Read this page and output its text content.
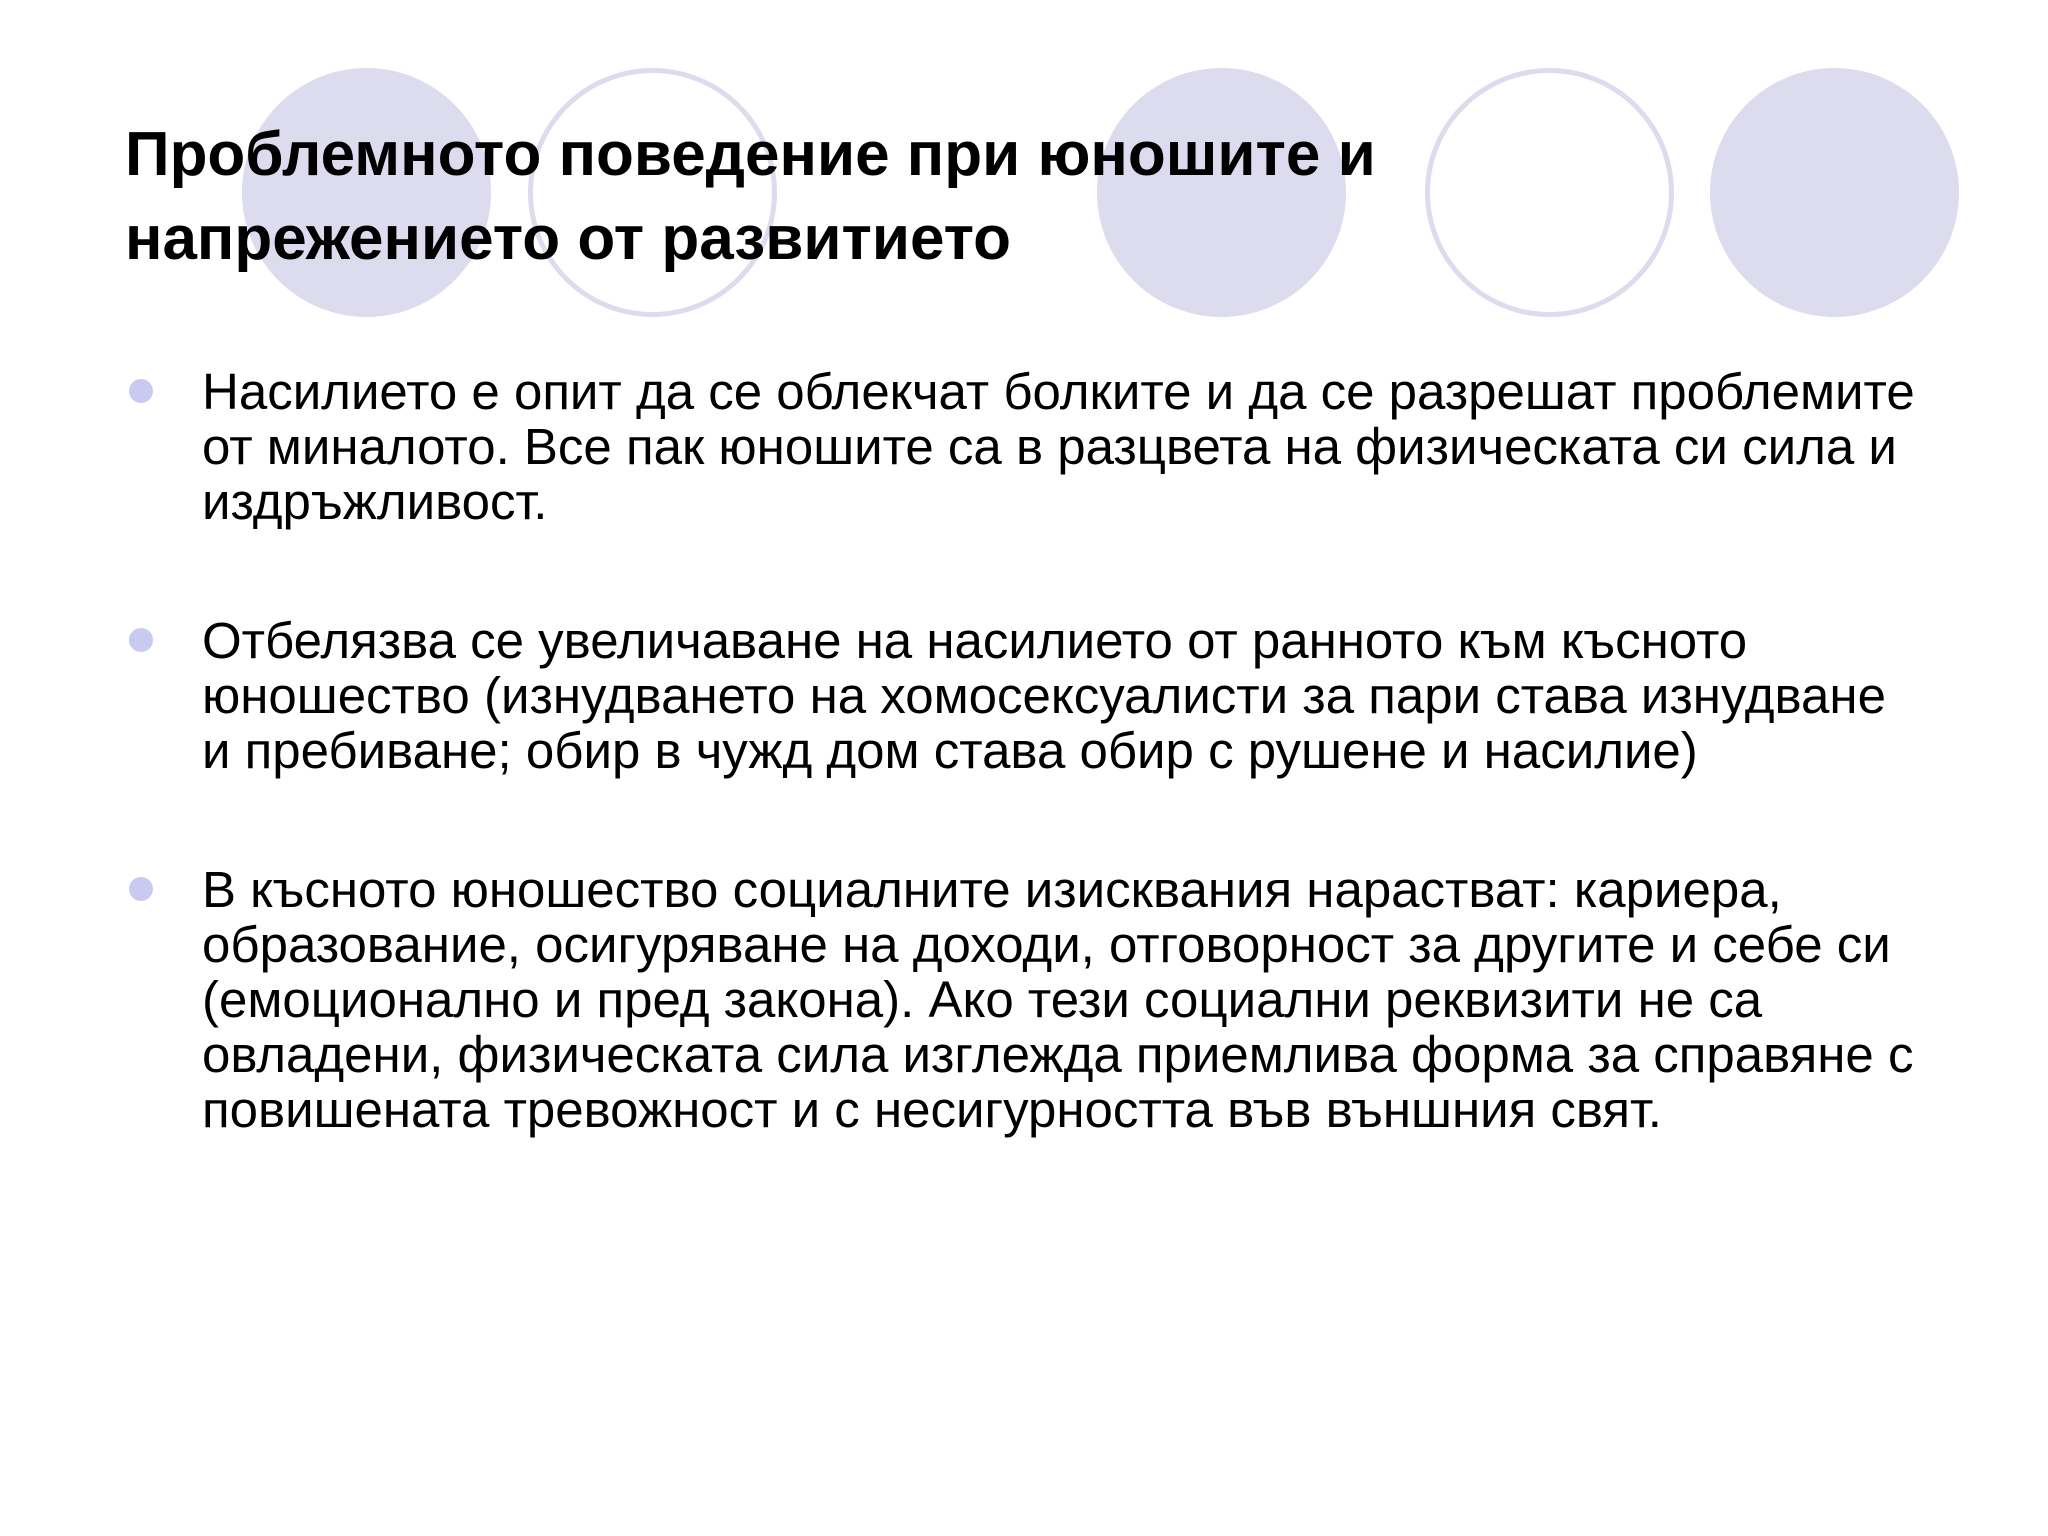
Проблемното поведение при юношите и напрежението от развитието
Насилието е опит да се облекчат болките и да се разрешат проблемите от миналото. Все пак юношите са в разцвета на физическата си сила и издръжливост.
Отбелязва се увеличаване на насилието от ранното към късното юношество (изнудването на хомосексуалисти за пари става изнудване и пребиване; обир в чужд дом става обир с рушене и насилие)
В късното юношество социалните изисквания нарастват: кариера, образование, осигуряване на доходи, отговорност за другите и себе си (емоционално и пред закона). Ако тези социални реквизити не са овладени, физическата сила изглежда приемлива форма за справяне с повишената тревожност и с несигурността във външния свят.
